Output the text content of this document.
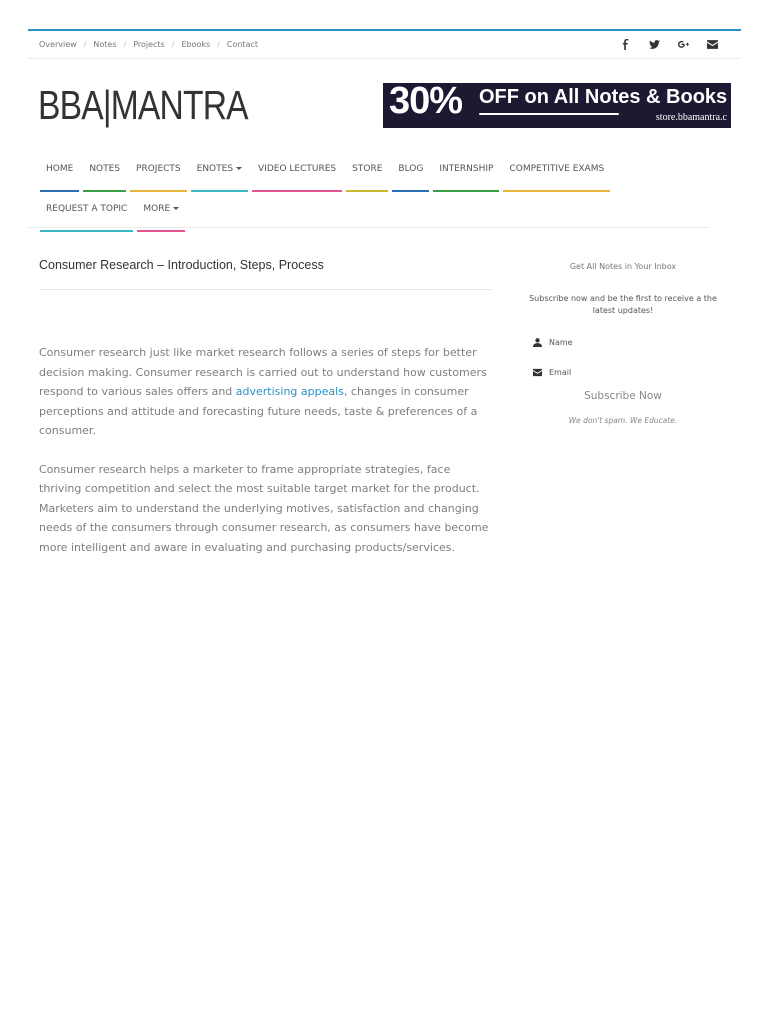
Overview / Notes / Projects / Ebooks / Contact
BBA|MANTRA	30% OFF on All Notes & Books
store.bbamantra.c
HOME	NOTES	PROJECTS	ENOTES	VIDEO LECTURES	STORE	BLOG	INTERNSHIP	COMPETITIVE EXAMS
REQUEST A TOPIC	MORE
Consumer Research – Introduction, Steps, Process

Consumer research just like market research follows a series of steps for better decision making. Consumer research is carried out to understand how customers respond to various sales offers and advertising appeals, changes in consumer perceptions and attitude and forecasting future needs, taste & preferences of a consumer.

Consumer research helps a marketer to frame appropriate strategies, face thriving competition and select the most suitable target market for the product. Marketers aim to understand the underlying motives, satisfaction and changing needs of the consumers through consumer research, as consumers have become more intelligent and aware in evaluating and purchasing products/services.

Get All Notes in Your Inbox
Subscribe now and be the first to receive a the latest updates!
Name
Email
Subscribe Now
We don't spam. We Educate.
